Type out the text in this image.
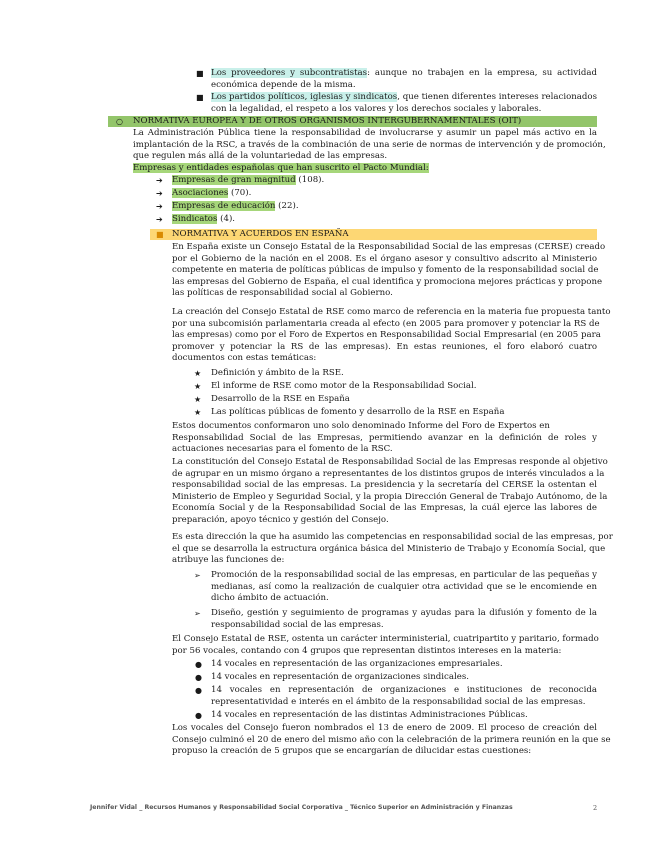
■ Los proveedores y subcontratistas: aunque no trabajen en la empresa, su actividad
económica depende de la misma.
■ Los partidos políticos, iglesias y sindicatos, que tienen diferentes intereses relacionados
con la legalidad, el respeto a los valores y los derechos sociales y laborales.
○ NORMATIVA EUROPEA Y DE OTROS ORGANISMOS INTERGUBERNAMENTALES (OIT)
La Administración Pública tiene la responsabilidad de involucrarse y asumir un papel más activo en la
implantación de la RSC, a través de la combinación de una serie de normas de intervención y de promoción,
que regulen más allá de la voluntariedad de las empresas.
Empresas y entidades españolas que han suscrito el Pacto Mundial:
➔ Empresas de gran magnitud (108).
➔ Asociaciones (70).
➔ Empresas de educación (22).
➔ Sindicatos (4).
■ NORMATIVA Y ACUERDOS EN ESPAÑA
En España existe un Consejo Estatal de la Responsabilidad Social de las empresas (CERSE) creado
por el Gobierno de la nación en el 2008. Es el órgano asesor y consultivo adscrito al Ministerio
competente en materia de políticas públicas de impulso y fomento de la responsabilidad social de
las empresas del Gobierno de España, el cual identifica y promociona mejores prácticas y propone
las políticas de responsabilidad social al Gobierno.
La creación del Consejo Estatal de RSE como marco de referencia en la materia fue propuesta tanto
por una subcomisión parlamentaria creada al efecto (en 2005 para promover y potenciar la RS de
las empresas) como por el Foro de Expertos en Responsabilidad Social Empresarial (en 2005 para
promover y potenciar la RS de las empresas). En estas reuniones, el foro elaboró cuatro
documentos con estas temáticas:
★ Definición y ámbito de la RSE.
★ El informe de RSE como motor de la Responsabilidad Social.
★ Desarrollo de la RSE en España
★ Las políticas públicas de fomento y desarrollo de la RSE en España
Estos documentos conformaron uno solo denominado Informe del Foro de Expertos en
Responsabilidad Social de las Empresas, permitiendo avanzar en la definición de roles y
actuaciones necesarias para el fomento de la RSC.
La constitución del Consejo Estatal de Responsabilidad Social de las Empresas responde al objetivo
de agrupar en un mismo órgano a representantes de los distintos grupos de interés vinculados a la
responsabilidad social de las empresas. La presidencia y la secretaría del CERSE la ostentan el
Ministerio de Empleo y Seguridad Social, y la propia Dirección General de Trabajo Autónomo, de la
Economía Social y de la Responsabilidad Social de las Empresas, la cuál ejerce las labores de
preparación, apoyo técnico y gestión del Consejo.
Es esta dirección la que ha asumido las competencias en responsabilidad social de las empresas, por
el que se desarrolla la estructura orgánica básica del Ministerio de Trabajo y Economía Social, que
atribuye las funciones de:
➢ Promoción de la responsabilidad social de las empresas, en particular de las pequeñas y
medianas, así como la realización de cualquier otra actividad que se le encomiende en
dicho ámbito de actuación.
➢ Diseño, gestión y seguimiento de programas y ayudas para la difusión y fomento de la
responsabilidad social de las empresas.
El Consejo Estatal de RSE, ostenta un carácter interministerial, cuatripartito y paritario, formado
por 56 vocales, contando con 4 grupos que representan distintos intereses en la materia:
● 14 vocales en representación de las organizaciones empresariales.
● 14 vocales en representación de organizaciones sindicales.
● 14 vocales en representación de organizaciones e instituciones de reconocida
representatividad e interés en el ámbito de la responsabilidad social de las empresas.
● 14 vocales en representación de las distintas Administraciones Públicas.
Los vocales del Consejo fueron nombrados el 13 de enero de 2009. El proceso de creación del
Consejo culminó el 20 de enero del mismo año con la celebración de la primera reunión en la que se
propuso la creación de 5 grupos que se encargarían de dilucidar estas cuestiones:
Jennifer Vidal _ Recursos Humanos y Responsabilidad Social Corporativa _ Técnico Superior en Administración y Finanzas	2
